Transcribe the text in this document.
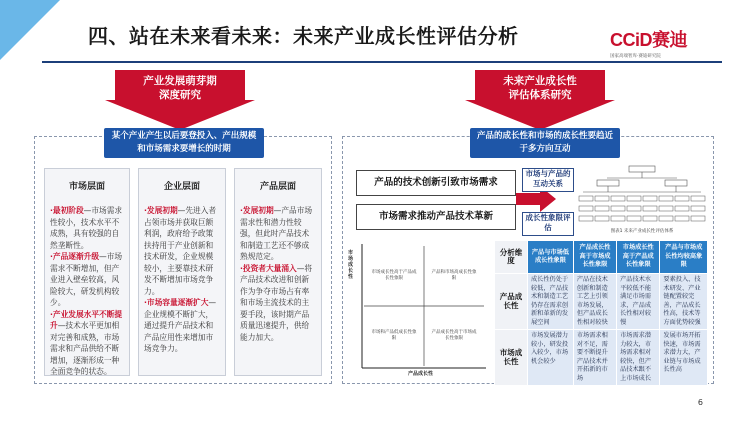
四、站在未来看未来：未来产业成长性评估分析	CCiD赛迪
国家高端智库·赛迪研究院
产业发展萌芽期
深度研究
未来产业成长性
评估体系研究
某个产业产生以后要登投入、产出规模和市场需求要增长的时期
市场层面
·最初阶段—市场需求性较小，技术水平不成熟，具有较强的自然垄断性。
·产品逐渐升级—市场需求不断增加，但产业进入壁垒较高，风险较大，研发机构较少。
·产业发展水平不断提升—技术水平更加相对完善和成熟，市场需求和产品供给不断增加，逐渐形成一种全面竞争的状态。
企业层面
·发展初期—先进入者占领市场并获取巨额利润，政府给予政策扶持用于产业创新和技术研发，企业规模较小，主要靠技术研发不断增加市场竞争力。
·市场容量逐渐扩大—企业规模不断扩大，通过提升产品技术和产品应用性来增加市场竞争力。
产品层面
·发展初期—产品市场需求性和潜力性较强，但此时产品技术和制造工艺还不够成熟规范定。
·投资者大量涌入—将产品技术改进和创新作为争夺市场占有率和市场主流技术的主要手段，该时期产品质量迅速提升，供给能力加大。
产品的成长性和市场的成长性要趋近于多方向互动
产品的技术创新引致市场需求
市场需求推动产品技术革新
市场与产品的互动关系
成长性象限评估	图表1 未来产业成长性评估体系
市场成长性
产品成长性
市场成长性高于产品成长性象限
产品和市场高成长性象限
市场和产品低成长性象限
产品成长性高于市场成长性象限
分析维度	产品与市场低成长性象限	产品成长性高于市场成长性象限	市场成长性高于产品成长性象限	产品与市场成长性均较高象限
产品成长性	成长性仍处于较低，产品技术和制造工艺仍存在需求创新和革新的发展空间	产品在技术创新和制造工艺上引领市场发展，但产品成长性相对较快	产品技术水平较低不能满足市场需求，产品成长性相对较慢	要素投入、技术研发、产业链配置较完善，产品成长性高，技术等方面优势较强
市场成长性	市场发展潜力较小，研发投入较少，市场机会较少	市场需求相对不足，需要不断提升产品技术并开拓新的市场	市场需求潜力较大，市场需求相对较快，但产品技术跟不上市场成长	发展市场开拓快速，市场需求潜力大，产业链与市场成长性高
6
